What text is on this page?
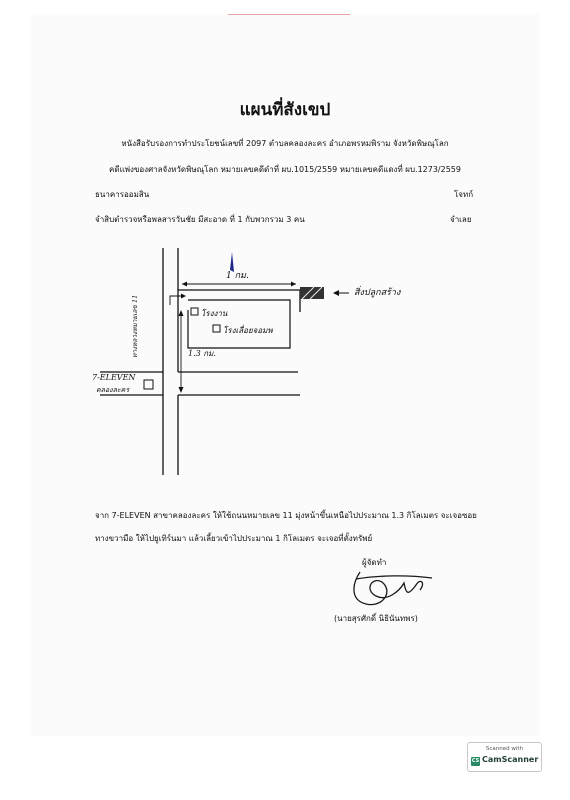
แผนที่สังเขป
หนังสือรับรองการทำประโยชน์เลขที่ 2097 ตำบลคลองละคร อำเภอพรหมพิราม จังหวัดพิษณุโลก
คดีแพ่งของศาลจังหวัดพิษณุโลก หมายเลขคดีดำที่ ผบ.1015/2559 หมายเลขคดีแดงที่ ผบ.1273/2559
ธนาคารออมสิน	โจทก์
จำสิบตำรวจหรือพลสารวันชัย มีสะอาด ที่ 1 กับพวกรวม 3 คน	จำเลย
1 กม.
สิ่งปลูกสร้าง
โรงงาน
โรงเลื่อยจอมพ
1.3 กม.
7-ELEVEN
คลองละคร
ทางหลวงหมายเลข 11
จาก 7-ELEVEN สาขาคลองละคร ให้ใช้ถนนหมายเลข 11 มุ่งหน้าขึ้นเหนือไปประมาณ 1.3 กิโลเมตร จะเจอซอย
ทางขวามือ ให้ไปยูเทิร์นมา แล้วเลี้ยวเข้าไปประมาณ 1 กิโลเมตร จะเจอที่ตั้งทรัพย์
ผู้จัดทำ
(นายสุรศักดิ์ นิธินันทพร)
Scanned with
CS CamScanner
